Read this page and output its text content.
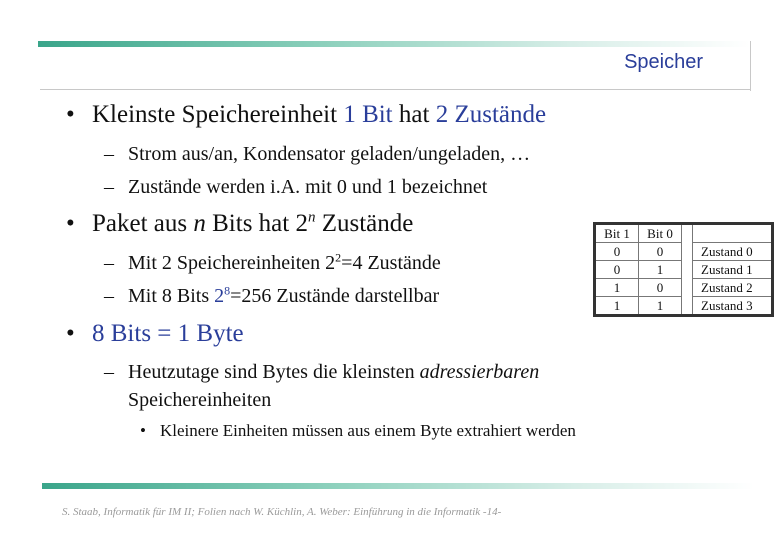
Speicher
• Kleinste Speichereinheit 1 Bit hat 2 Zustände
– Strom aus/an, Kondensator geladen/ungeladen, …
– Zustände werden i.A. mit 0 und 1 bezeichnet
• Paket aus n Bits hat 2$^n$ Zustände
– Mit 2 Speichereinheiten $2^2=4$ Zustände
– Mit 8 Bits $2^8=256$ Zustände darstellbar
Bit 1	Bit 0		
0	0		Zustand 0
0	1		Zustand 1
1	0		Zustand 2
1	1		Zustand 3
• 8 Bits = 1 Byte
– Heutzutage sind Bytes die kleinsten adressierbaren
Speichereinheiten
• Kleinere Einheiten müssen aus einem Byte extrahiert werden
S. Staab, Informatik für IM II; Folien nach W. Küchlin, A. Weber: Einführung in die Informatik -14-
